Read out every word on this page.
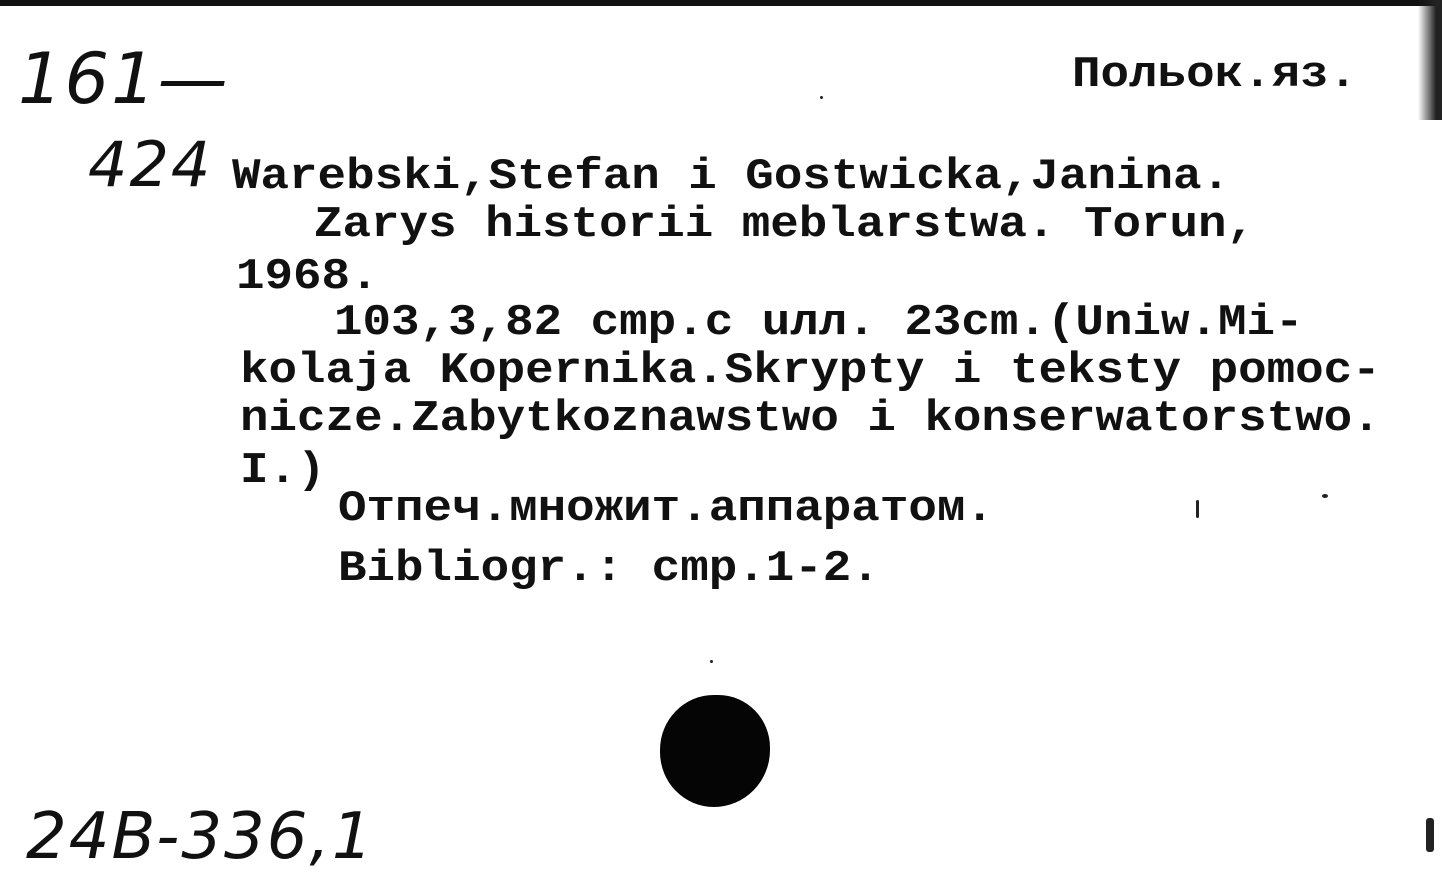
161—
424
Польок.яз.
Warebski,Stefan i Gostwicka,Janina.
Zarys historii meblarstwa. Torun,
1968.
103,3,82 cmp.c uлл. 23cm.(Uniw.Mi-
kolaja Kopernika.Skrypty i teksty pomoc-
nicze.Zabytkoznawstwo i konserwatorstwo.
I.)
Отпеч.множит.аппаратом.
Bibliogr.: cmp.1-2.
24B-336,1
